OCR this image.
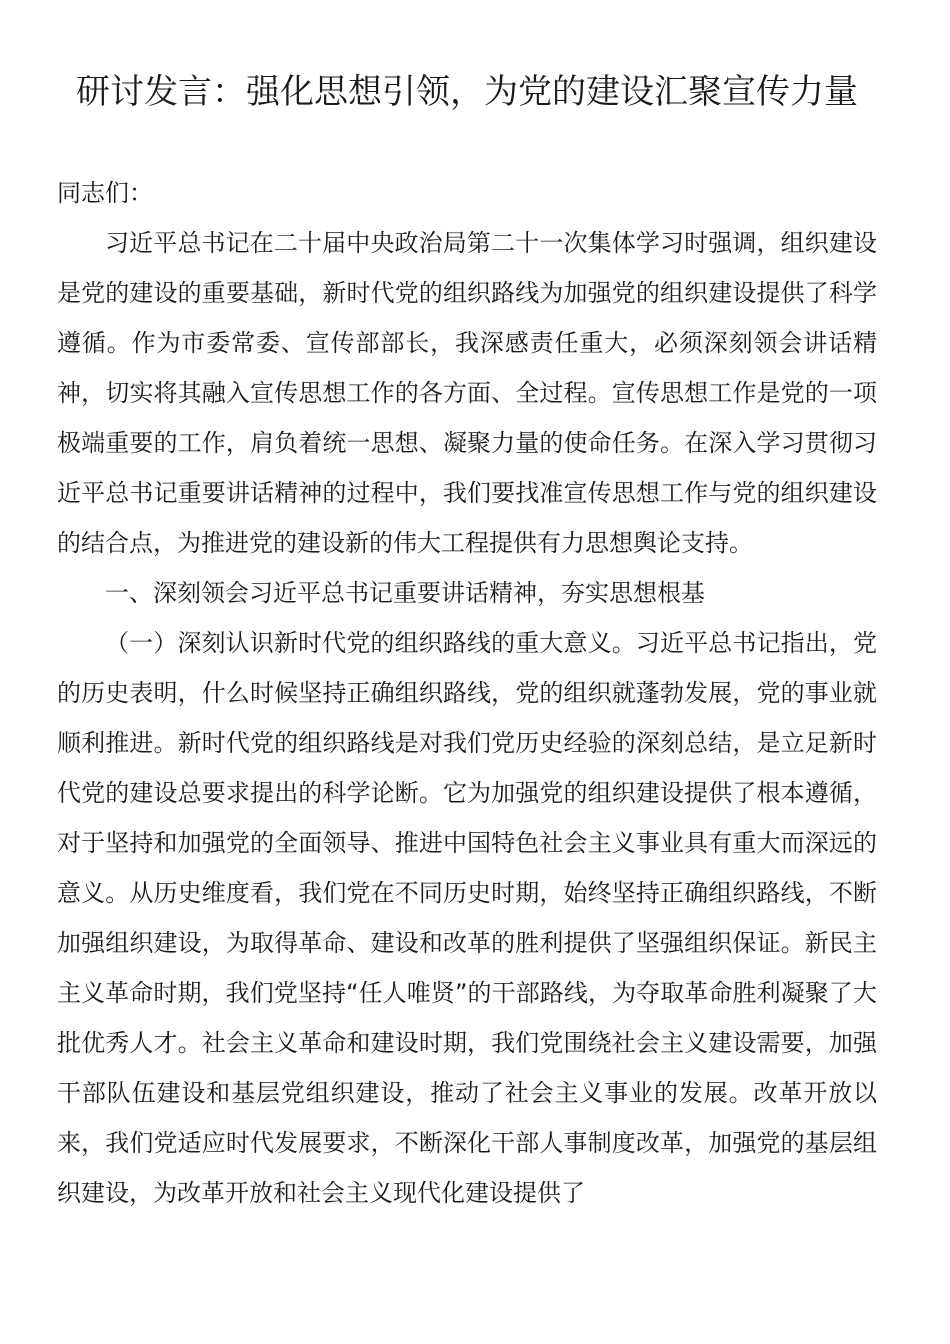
研讨发言：强化思想引领，为党的建设汇聚宣传力量

同志们：

习近平总书记在二十届中央政治局第二十一次集体学习时强调，组织建设是党的建设的重要基础，新时代党的组织路线为加强党的组织建设提供了科学遵循。作为市委常委、宣传部部长，我深感责任重大，必须深刻领会讲话精神，切实将其融入宣传思想工作的各方面、全过程。宣传思想工作是党的一项极端重要的工作，肩负着统一思想、凝聚力量的使命任务。在深入学习贯彻习近平总书记重要讲话精神的过程中，我们要找准宣传思想工作与党的组织建设的结合点，为推进党的建设新的伟大工程提供有力思想舆论支持。

一、深刻领会习近平总书记重要讲话精神，夯实思想根基

（一）深刻认识新时代党的组织路线的重大意义。习近平总书记指出，党的历史表明，什么时候坚持正确组织路线，党的组织就蓬勃发展，党的事业就顺利推进。新时代党的组织路线是对我们党历史经验的深刻总结，是立足新时代党的建设总要求提出的科学论断。它为加强党的组织建设提供了根本遵循，对于坚持和加强党的全面领导、推进中国特色社会主义事业具有重大而深远的意义。从历史维度看，我们党在不同历史时期，始终坚持正确组织路线，不断加强组织建设，为取得革命、建设和改革的胜利提供了坚强组织保证。新民主主义革命时期，我们党坚持“任人唯贤”的干部路线，为夺取革命胜利凝聚了大批优秀人才。社会主义革命和建设时期，我们党围绕社会主义建设需要，加强干部队伍建设和基层党组织建设，推动了社会主义事业的发展。改革开放以来，我们党适应时代发展要求，不断深化干部人事制度改革，加强党的基层组织建设，为改革开放和社会主义现代化建设提供了
